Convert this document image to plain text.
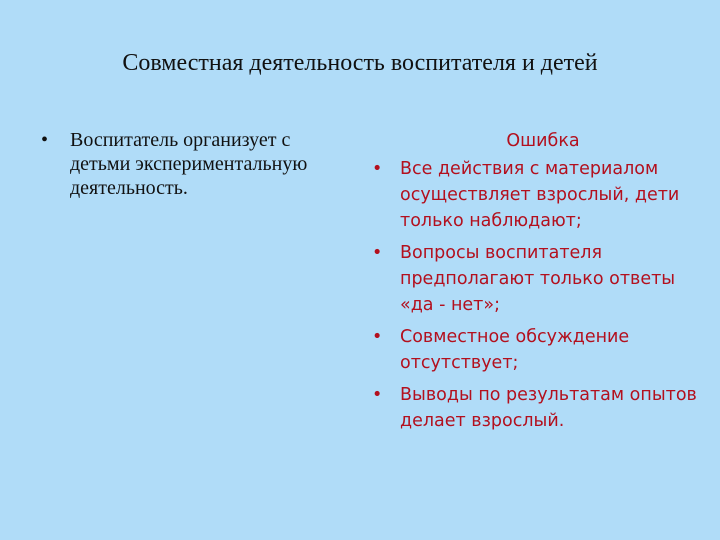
Совместная деятельность воспитателя и детей
• Воспитатель организует с детьми экспериментальную деятельность.
Ошибка
• Все действия с материалом осуществляет взрослый, дети только наблюдают;
• Вопросы воспитателя предполагают только ответы «да - нет»;
• Совместное обсуждение отсутствует;
• Выводы по результатам опытов делает взрослый.
